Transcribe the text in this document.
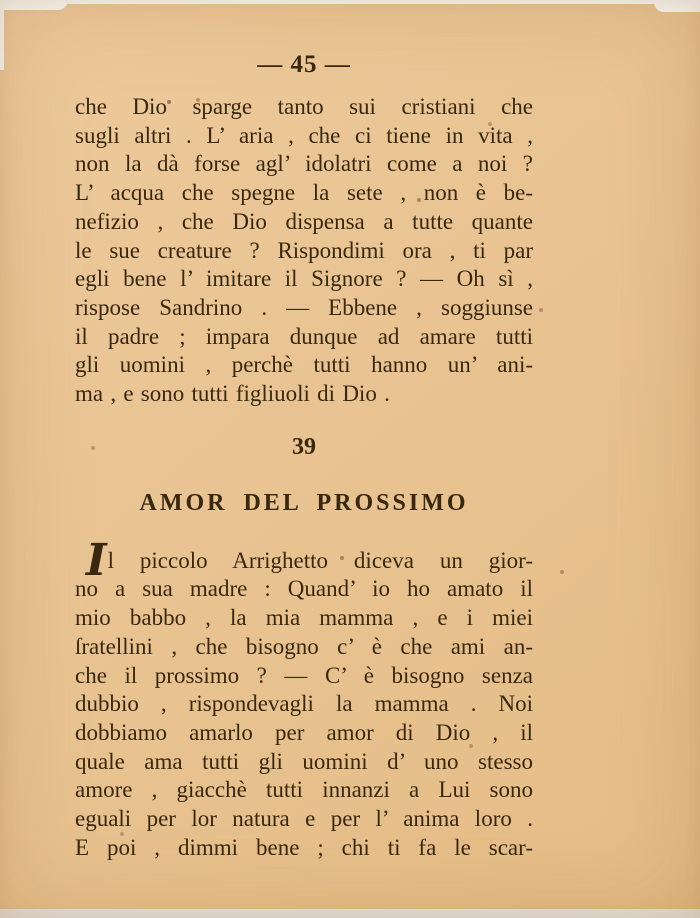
— 45 —
che Dio sparge tanto sui cristiani che
sugli altri . L’ aria , che ci tiene in vita ,
non la dà forse agl’ idolatri come a noi ?
L’ acqua che spegne la sete , non è be-
nefizio , che Dio dispensa a tutte quante
le sue creature ? Rispondimi ora , ti par
egli bene l’ imitare il Signore ? — Oh sì ,
rispose Sandrino . — Ebbene , soggiunse
il padre ; impara dunque ad amare tutti
gli uomini , perchè tutti hanno un’ ani-
ma , e sono tutti figliuoli di Dio .
39
AMOR DEL PROSSIMO
Il piccolo Arrighetto diceva un gior-
no a sua madre : Quand’ io ho amato il
mio babbo , la mia mamma , e i miei
ſratellini , che bisogno c’ è che ami an-
che il prossimo ? — C’ è bisogno senza
dubbio , rispondevagli la mamma . Noi
dobbiamo amarlo per amor di Dio , il
quale ama tutti gli uomini d’ uno stesso
amore , giacchè tutti innanzi a Lui sono
eguali per lor natura e per l’ anima loro .
E poi , dimmi bene ; chi ti fa le scar-
